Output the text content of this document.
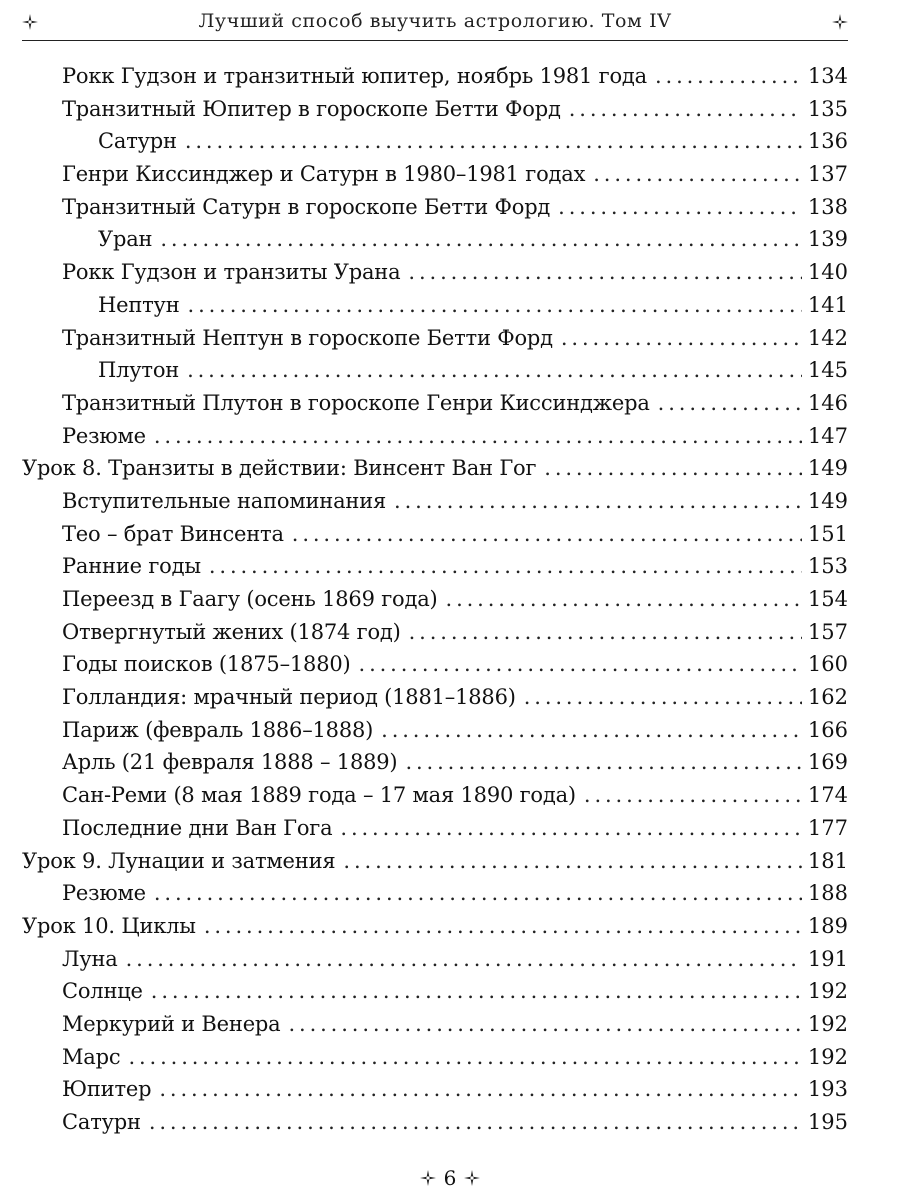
Лучший способ выучить астрологию. Том IV
Рокк Гудзон и транзитный юпитер, ноябрь 1981 года . . .	134
Транзитный Юпитер в гороскопе Бетти Форд . . .	135
Сатурн . . .	136
Генри Киссинджер и Сатурн в 1980–1981 годах . . .	137
Транзитный Сатурн в гороскопе Бетти Форд . . .	138
Уран . . .	139
Рокк Гудзон и транзиты Урана . . .	140
Нептун . . .	141
Транзитный Нептун в гороскопе Бетти Форд . . .	142
Плутон . . .	145
Транзитный Плутон в гороскопе Генри Киссинджера . . .	146
Резюме . . .	147
Урок 8. Транзиты в действии: Винсент Ван Гог . . .	149
Вступительные напоминания . . .	149
Тео – брат Винсента . . .	151
Ранние годы . . .	153
Переезд в Гаагу (осень 1869 года) . . .	154
Отвергнутый жених (1874 год) . . .	157
Годы поисков (1875–1880) . . .	160
Голландия: мрачный период (1881–1886) . . .	162
Париж (февраль 1886–1888) . . .	166
Арль (21 февраля 1888 – 1889) . . .	169
Сан-Реми (8 мая 1889 года – 17 мая 1890 года) . . .	174
Последние дни Ван Гога . . .	177
Урок 9. Лунации и затмения . . .	181
Резюме . . .	188
Урок 10. Циклы . . .	189
Луна . . .	191
Солнце . . .	192
Меркурий и Венера . . .	192
Марс . . .	192
Юпитер . . .	193
Сатурн . . .	195
6
